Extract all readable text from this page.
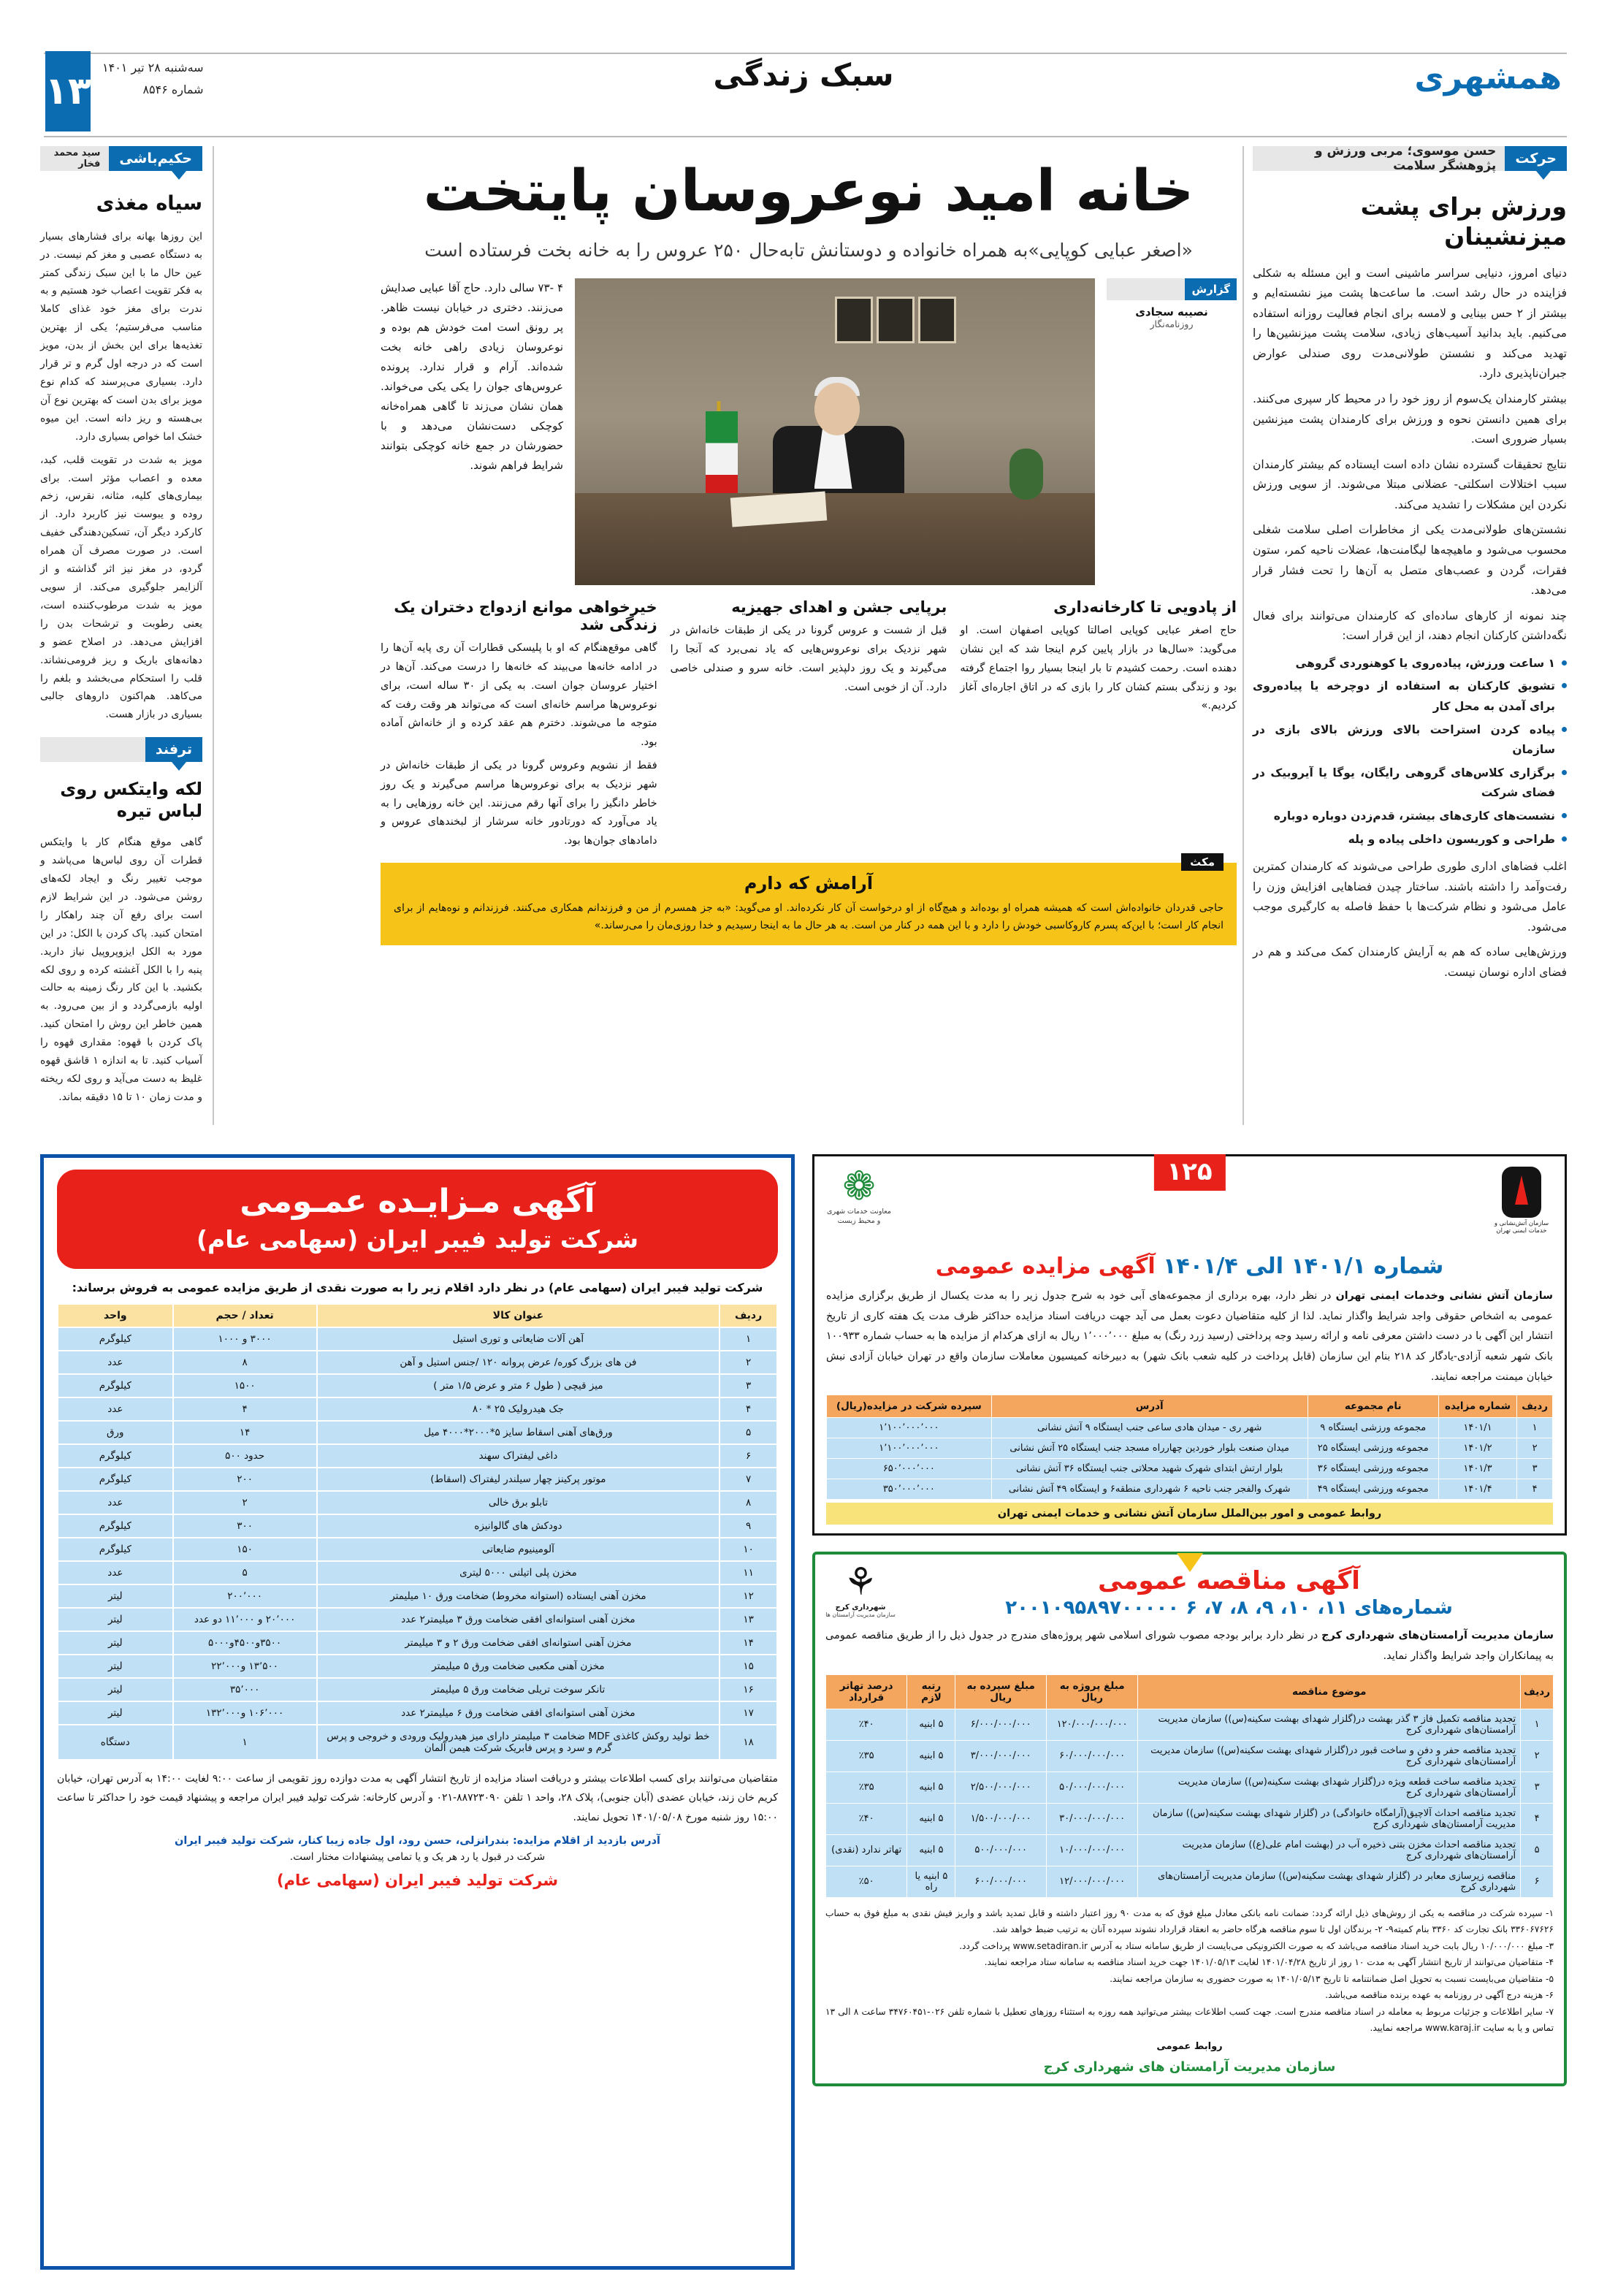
۱۳
سه‌شنبه ۲۸ تیر ۱۴۰۱
شماره ۸۵۴۶	سبک زندگی	همشهری
حرکت
حسن موسوی؛ مربی ورزش و پژوهشگر سلامت
ورزش برای پشت میزنشینان

دنیای امروز، دنیایی سراسر ماشینی است و این مسئله به شکلی فزاینده در حال رشد است. ما ساعت‌ها پشت میز نشسته‌ایم و بیشتر از ۲ حس بینایی و لامسه برای انجام فعالیت روزانه استفاده می‌کنیم. باید بدانید آسیب‌های زیادی، سلامت پشت میزنشین‌ها را تهدید می‌کند و نشستن طولانی‌مدت روی صندلی عوارض جبران‌ناپذیری دارد.

بیشتر کارمندان یک‌سوم از روز خود را در محیط کار سپری می‌کنند. برای همین دانستن نحوه و ورزش برای کارمندان پشت میزنشین بسیار ضروری است.

نتایج تحقیقات گسترده نشان داده است ایستاده کم بیشتر کارمندان سبب اختلالات اسکلتی- عضلانی مبتلا می‌شوند. از سویی ورزش نکردن این مشکلات را تشدید می‌کند.

نشستن‌های طولانی‌مدت یکی از مخاطرات اصلی سلامت شغلی محسوب می‌شود و ماهیچه‌ها لیگامنت‌ها، عضلات ناحیه کمر، ستون فقرات، گردن و عصب‌های متصل به آن‌ها را تحت فشار قرار می‌دهد.

چند نمونه از کارهای ساده‌ای که کارمندان می‌توانند برای فعال نگه‌داشتن کارکنان انجام دهند، از این قرار است:

۱ ساعت ورزش، پیاده‌روی یا کوهنوردی گروهی
تشویق کارکنان به استفاده از دوچرخه یا پیاده‌روی برای آمدن به محل کار
پیاده کردن استراحت بالای ورزش بالای بازی در سازمان
برگزاری کلاس‌های گروهی رایگان، یوگا یا آیروبیک در فضای شرکت
نشست‌های کاری‌های بیشتر، قدم‌زدن دوباره دوباره
طراحی و کوریسون داخلی پیاده و پله

اغلب فضاهای اداری طوری طراحی می‌شوند که کارمندان کمترین رفت‌وآمد را داشته باشند. ساختار چیدن فضاهایی افزایش وزن را عامل می‌شود و نظام شرکت‌ها با حفظ فاصله به کارگیری موجب می‌شود.

ورزش‌هایی ساده که هم به آرایش کارمندان کمک می‌کند و هم در فضای اداره نوسان نیست.

خانه امید نوعروسان پایتخت
«اصغر عبایی کوپایی»به همراه خانواده و دوستانش تابه‌حال ۲۵۰ عروس را به خانه بخت فرستاده است
گزارش
نصیبه سجادی
روزنامه‌نگار
۴ -۷۳ سالی دارد. حاج آقا عبایی صدایش می‌زنند. دختری در خیابان نیست ظاهر. پر رونق است امت خودش هم بوده و نوعروسان زیادی راهی خانه بخت شده‌اند. آرام و قرار ندارد. پرونده عروس‌های جوان را یکی یکی می‌خواند. همان نشان می‌زند تا گاهی همراه‌خانه کوچکی دست‌نشان می‌دهد و با حضورشان در جمع خانه کوچکی بتوانند شرایط فراهم شوند.
از پادویی تا کارخانه‌داری
حاج اصغر عبایی کوپایی اصالتا کوپایی اصفهان است. او می‌گوید: «سال‌ها در بازار پایین کرم اینجا شد که این نشان دهنده است. رحمت کشیدم تا بار اینجا بسیار روا اجتماع گرفته بود و زندگی بستم کشان کار را بازی که در اتاق اجاره‌ای آغاز کردیم.»
برپایی جشن و اهدای جهیزیه
قبل از شست و عروس گرونا در یکی از طبقات خانه‌اش در شهر نزدیک برای نوعروس‌هایی که یاد نمی‌برد که آنجا را می‌گیرند و یک روز دلپذیر است. خانه سرو و صندلی خاصی دارد. آن از خوبی است.
خیرخواهی موانع ازدواج دختران یک زندگی شد
گاهی موقع‌هنگام که او با پلیسکی قطارات آن ری پایه آن‌ها را در ادامه خانه‌ها می‌بیند که خانه‌ها را درست می‌کند. آن‌ها در اختیار عروسان جوان است. به یکی از ۳۰ ساله است، برای نوعروس‌ها مراسم خانه‌ای است که می‌تواند هر وقت رفت که متوجه ما می‌شوند. دخترم هم عقد کرده و از خانه‌اش آماده بود.
فقط از نشویم وعروس گرونا در یکی از طبقات خانه‌اش در شهر نزدیک به برای نوعروس‌ها مراسم می‌گیرند و یک روز خاطر دانگیز را برای آنها رقم می‌زنند. این خانه روزهایی را به یاد می‌آورد که دورتادور خانه سرشار از لبخندهای عروس و دامادهای جوان‌ها بود.
مکث
آرامش که دارم

حاجی قدردان خانواده‌اش است که همیشه همراه او بوده‌اند و هیچ‌گاه از او درخواست آن کار نکرده‌اند. او می‌گوید: «به جز همسرم از من و فرزندانم همکاری می‌کنند. فرزندانم و نوه‌هایم از برای انجام کار است؛ با این‌که پسرم کاروکاسبی خودش را دارد و با این همه در کنار من است. به هر حال ما به اینجا رسیدیم و خدا روزی‌مان را می‌رساند.»

حکیم‌باشی
سید محمد فخار
سیاه مغذی

این روزها بهانه برای فشارهای بسیار به دستگاه عصبی و مغز کم نیست. در عین حال ما با این سبک زندگی کمتر به فکر تقویت اعصاب خود هستیم و به ندرت برای مغز خود غذای کاملا مناسب می‌فرستیم؛ یکی از بهترین تغذیه‌ها برای این بخش از بدن، مویز است که در درجه اول گرم و تر قرار دارد. بسیاری می‌پرسند که کدام نوع مویز برای بدن است که بهترین نوع آن بی‌هسته و ریز دانه است. این میوه خشک اما خواص بسیاری دارد.

مویز به شدت در تقویت قلب، کبد، معده و اعصاب مؤثر است. برای بیماری‌های کلیه، مثانه، نقرس، زخم روده و یبوست نیز کاربرد دارد. از کارکرد دیگر آن، تسکین‌دهندگی خفیف است. در صورت مصرف آن همراه گردو، در مغز نیز اثر گذاشته و از آلزایمر جلوگیری می‌کند. از سویی مویز به شدت مرطوب‌کننده است، یعنی رطوبت و ترشحات بدن را افزایش می‌دهد. در اصلاح عضو و دهانه‌های باریک و ریز فرومی‌نشاند. قلب را استحکام می‌بخشد و بلغم را می‌کاهد. هم‌اکنون داروهای جالبی بسیاری در بازار هست.

ترفند
لکه وایتکس روی لباس تیره

گاهی موقع هنگام کار با وایتکس قطرات آن روی لباس‌ها می‌پاشد و موجب تغییر رنگ و ایجاد لکه‌های روشن می‌شود. در این شرایط لازم است برای رفع آن چند راهکار را امتحان کنید. پاک کردن با الکل: در این مورد به الکل ایزوپروپیل نیاز دارید. پنبه را با الکل آغشته کرده و روی لکه بکشید. با این کار رنگ زمینه به حالت اولیه بازمی‌گردد و از بین می‌رود. به همین خاطر این روش را امتحان کنید. پاک کردن با قهوه: مقداری قهوه را آسیاب کنید. تا به اندازه ۱ قاشق قهوه غلیظ به دست می‌آید و روی لکه ریخته و مدت زمان ۱۰ تا ۱۵ دقیقه بماند.

۱۲۵
سازمان آتش‌نشانی و خدمات ایمنی تهران
❁
معاونت خدمات شهری
و محیط زیست
شماره ۱۴۰۱/۱ الی ۱۴۰۱/۴ آگهی مزایده عمومی

سازمان آتش نشانی وخدمات ایمنی تهران در نظر دارد، بهره برداری از مجموعه‌های آبی خود به شرح جدول زیر را به مدت یکسال از طریق برگزاری مزایده عمومی به اشخاص حقوقی واجد شرایط واگذار نماید. لذا از کلیه متقاضیان دعوت بعمل می آید جهت دریافت اسناد مزایده حداکثر ظرف مدت یک هفته کاری از تاریخ انتشار این آگهی با در دست داشتن معرفی نامه و ارائه رسید وجه پرداختی (رسید زرد رنگ) به مبلغ ۱٬۰۰۰٬۰۰۰ ریال به ازای هرکدام از مزایده ها به حساب شماره ۱۰۰۹۳۳ بانک شهر شعبه آزادی-یادگار کد ۲۱۸ بنام این سازمان (قابل پرداخت در کلیه شعب بانک شهر) به دبیرخانه کمیسیون معاملات سازمان واقع در تهران خیابان آزادی نبش خیابان میمنت مراجعه نمایند.

ردیف	شماره مزایده	نام مجموعه	آدرس	سپرده شرکت در مزایده(ریال)
۱	۱۴۰۱/۱	مجموعه ورزشی ایستگاه ۹	شهر ری - میدان هادی ساعی جنب ایستگاه ۹ آتش نشانی	۱٬۱۰۰٬۰۰۰٬۰۰۰
۲	۱۴۰۱/۲	مجموعه ورزشی ایستگاه ۲۵	میدان صنعت بلوار خوردین چهارراه مسجد جنب ایستگاه ۲۵ آتش نشانی	۱٬۱۰۰٬۰۰۰٬۰۰۰
۳	۱۴۰۱/۳	مجموعه ورزشی ایستگاه ۳۶	بلوار ارتش ابتدای شهرک شهید محلاتی جنب ایستگاه ۳۶ آتش نشانی	۶۵۰٬۰۰۰٬۰۰۰
۴	۱۴۰۱/۴	مجموعه ورزشی ایستگاه ۴۹	شهرک والفجر جنب ناحیه ۶ شهرداری منطقه۶ و ایستگاه ۴۹ آتش نشانی	۳۵۰٬۰۰۰٬۰۰۰
روابط عمومی و امور بین‌الملل سازمان آتش نشانی و خدمات ایمنی تهران
آگهی مناقصه عمومی
شماره‌های ۱۱، ۱۰، ۹، ۸، ۷، ۶ ۲۰۰۱۰۹۵۸۹۷۰۰۰۰۰
⚘
شهرداری کرج
سازمان مدیریت آرامستان ها

سازمان مدیریت آرامستان‌های شهرداری کرج در نظر دارد برابر بودجه مصوب شورای اسلامی شهر پروژه‌های مندرج در جدول ذیل را از طریق مناقصه عمومی به پیمانکاران واجد شرایط واگذار نماید.

ردیف	موضوع مناقصه	مبلغ پروژه به ریال	مبلغ سپرده به ریال	رتبه لازم	درصد تهاتر قرارداد
۱	تجدید مناقصه تکمیل فاز ۳ گذر بهشت در(گلزار شهدای بهشت سکینه(س)) سازمان مدیریت آرامستان‌های شهرداری کرج	۱۲۰/۰۰۰/۰۰۰/۰۰۰	۶/۰۰۰/۰۰۰/۰۰۰	۵ ابنیه	٪۴۰
۲	تجدید مناقصه حفر و دفن و ساخت قبور در(گلزار شهدای بهشت سکینه(س)) سازمان مدیریت آرامستان‌های شهرداری کرج	۶۰/۰۰۰/۰۰۰/۰۰۰	۳/۰۰۰/۰۰۰/۰۰۰	۵ ابنیه	٪۳۵
۳	تجدید مناقصه ساخت قطعه ویژه در(گلزار شهدای بهشت سکینه(س)) سازمان مدیریت آرامستان‌های شهرداری کرج	۵۰/۰۰۰/۰۰۰/۰۰۰	۲/۵۰۰/۰۰۰/۰۰۰	۵ ابنیه	٪۳۵
۴	تجدید مناقصه احداث آلاچیق(آرامگاه خانوادگی) در (گلزار شهدای بهشت سکینه(س)) سازمان مدیریت آرامستان‌های شهرداری کرج	۳۰/۰۰۰/۰۰۰/۰۰۰	۱/۵۰۰/۰۰۰/۰۰۰	۵ ابنیه	٪۴۰
۵	تجدید مناقصه احداث مخزن بتنی ذخیره آب در (بهشت امام علی(ع)) سازمان مدیریت آرامستان‌های شهرداری کرج	۱۰/۰۰۰/۰۰۰/۰۰۰	۵۰۰/۰۰۰/۰۰۰	۵ ابنیه	تهاتر ندارد (نقدی)
۶	مناقصه زیرسازی معابر در (گلزار شهدای بهشت سکینه(س)) سازمان مدیریت آرامستان‌های شهرداری کرج	۱۲/۰۰۰/۰۰۰/۰۰۰	۶۰۰/۰۰۰/۰۰۰	۵ ابنیه یا راه	٪۵۰
۱- سپرده شرکت در مناقصه به یکی از روش‌های ذیل ارائه گردد: ضمانت نامه بانکی معادل مبلغ فوق که به مدت ۹۰ روز اعتبار داشته و قابل تمدید باشد و واریز فیش نقدی به مبلغ فوق به حساب ۳۳۶۰۶۷۶۲۶ بانک تجارت کد ۳۳۶۰ بنام کمیته۹- ۲- برندگان اول تا سوم مناقصه هرگاه حاضر به انعقاد قرارداد نشوند سپرده آنان به ترتیب ضبط خواهد شد.
۳- مبلغ ۱۰/۰۰۰/۰۰۰ ریال بابت خرید اسناد مناقصه می‌باشد که به صورت الکترونیکی می‌بایست از طریق سامانه ستاد به آدرس www.setadiran.ir پرداخت گردد.
۴- متقاضیان می‌توانند از تاریخ انتشار آگهی به مدت ۱۰ روز از تاریخ ۱۴۰۱/۰۴/۲۸ لغایت ۱۴۰۱/۰۵/۱۳ جهت خرید اسناد مناقصه به سامانه ستاد مراجعه نمایند.
۵- متقاضیان می‌بایست نسبت به تحویل اصل ضمانتنامه تا تاریخ ۱۴۰۱/۰۵/۱۳ به صورت حضوری به سازمان مراجعه نمایند.
۶- هزینه درج آگهی در روزنامه به عهده برنده مناقصه می‌باشد.
۷- سایر اطلاعات و جزئیات مربوط به معامله در اسناد مناقصه مندرج است. جهت کسب اطلاعات بیشتر می‌توانید همه روزه به استثناء روزهای تعطیل با شماره تلفن ۰۲۶-۳۴۷۶۰۴۵۱ ساعت ۸ الی ۱۳ تماس و یا به سایت www.karaj.ir مراجعه نمایید.
روابط عمومی
سازمان مدیریت آرامستان های شهرداری کرج
آگهی مـزایـده عمـومی
شرکت تولید فیبر ایران (سهامی عام)
شرکت تولید فیبر ایران (سهامی عام) در نظر دارد اقلام زیر را به صورت نقدی از طریق مزایده عمومی به فروش برساند:
ردیف	عنوان کالا	تعداد / حجم	واحد
۱	آهن آلات ضایعاتی و توری استیل	۳۰۰۰ و ۱۰۰۰	کیلوگرم
۲	فن های بزرگ کوره/ عرض پروانه ۱۲۰ /جنس استیل و آهن	۸	عدد
۳	میز قیچی ( طول ۶ متر و عرض ۱/۵ متر )	۱۵۰۰	کیلوگرم
۴	جک هیدرولیک ۲۵ * ۸۰	۴	عدد
۵	ورق‌های آهنی اسقاط سایز ۵*۲۰۰۰*۴۰۰۰ میل	۱۴	ورق
۶	داغی لیفتراک سهند	حدود ۵۰۰	کیلوگرم
۷	موتور پرکینز چهار سیلندر لیفتراک (اسقاط)	۲۰۰	کیلوگرم
۸	تابلو برق خالی	۲	عدد
۹	دودکش های گالوانیزه	۳۰۰	کیلوگرم
۱۰	آلومینیوم ضایعاتی	۱۵۰	کیلوگرم
۱۱	مخزن پلی اتیلنی ۵۰۰۰ لیتری	۵	عدد
۱۲	مخزن آهنی ایستاده (استوانه مخروط) ضخامت ورق ۱۰ میلیمتر	۲۰۰٬۰۰۰	لیتر
۱۳	مخزن آهنی استوانه‌ای افقی ضخامت ورق ۳ میلیمتر۲ عدد	۲۰٬۰۰۰ و ۱۱٬۰۰۰ دو عدد	لیتر
۱۴	مخزن آهنی استوانه‌ای افقی ضخامت ورق ۲ و ۳ میلیمتر	۳۵۰۰و۴۵۰۰و۵۰۰۰	لیتر
۱۵	مخزن آهنی مکعبی ضخامت ورق ۵ میلیمتر	۱۳٬۵۰۰ و۲۲٬۰۰۰	لیتر
۱۶	تانکر سوخت تریلی ضخامت ورق ۵ میلیمتر	۳۵٬۰۰۰	لیتر
۱۷	مخزن آهنی استوانه‌ای افقی ضخامت ورق ۶ میلیمتر۲ عدد	۱۰۶٬۰۰۰ و۱۳۲٬۰۰۰	لیتر
۱۸	خط تولید روکش کاغذی MDF ضخامت ۳ میلیمتر دارای میز هیدرولیک ورودی و خروجی و پرس گرم و سرد و پرس فابریک شرکت هیمن آلمان	۱	دستگاه
متقاضیان می‌توانند برای کسب اطلاعات بیشتر و دریافت اسناد مزایده از تاریخ انتشار آگهی به مدت دوازده روز تقویمی از ساعت ۹:۰۰ لغایت ۱۴:۰۰ به آدرس تهران، خیابان کریم خان زند، خیابان عضدی (آبان جنوبی)، پلاک ۲۸، واحد ۱ تلفن ۸۸۷۲۳۰۹۰-۰۲۱ و آدرس کارخانه: شرکت تولید فیبر ایران مراجعه و پیشنهاد قیمت خود را حداکثر تا ساعت ۱۵:۰۰ روز شنبه مورخ ۱۴۰۱/۰۵/۰۸ تحویل نمایند.
آدرس بازدید از اقلام مزایده: بندرانزلی، حسن رود، اول جاده زیبا کنار، شرکت تولید فیبر ایران
شرکت در قبول یا رد هر یک و یا تمامی پیشنهادات مختار است.
شرکت تولید فیبر ایران (سهامی عام)
